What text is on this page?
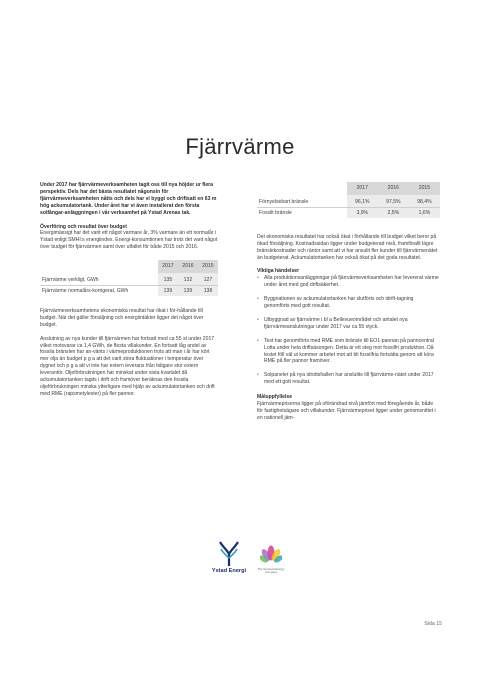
Fjärrvärme

Under 2017 har fjärrvärmeverksamheten tagit oss till nya höjder ur flera perspektiv. Dels har det bästa resultatet någonsin för fjärrvärmeverksamheten nåtts och dels har vi byggt och driftsatt en 63 m hög ackumulatortank. Under året har vi även installerat den första solfångar-anläggningen i vår verksamhet på Ystad Arenas tak.

Överföring och resultat över budget

Energimässigt har det varit ett något varmare år, 3% varmare än ett normalår i Ystad enligt SMHI:s energiindex. Energi-konsumtionen har trots det varit något över budget för fjärrvärmen samt över utfallet för både 2015 och 2016.

	2017	2016	2015

Fjärrvärme verkligt, GWh	135	132	127
Fjärrvärme normalårs-korrigerat, GWh	139	139	138

Fjärrvärmeverksamhetens ekonomiska resultat har ökat i för-hållande till budget. När det gäller försäljning och energiintäkter ligger det något över budget.

Anslutning av nya kunder till fjärrvärmen har fortsatt med ca 55 st under 2017 vilket motsvarar ca 1,4 GWh, de flesta villakunder. En fortsatt låg andel av fossila bränslen har an-vänts i värmeproduktionen trots att man i år har kört mer olja än budget p g a att det varit stora fluktuationer i temperatur över dygnet och p g a att vi inte har extern leverans från tidigare stor extern leverantör. Oljeförbrukningen har minskat under sista kvartalet då ackumulatortanken tagits i drift och framöver beräknas den fossila oljeförbrukningen minska ytterligare med hjälp av ackumulatortanken och drift med RME (rapsmetylester) på fler pannor.

	2017	2016	2015

Förnyelsebart bränsle	96,1%	97,5%	98,4%
Fossilt bränsle	3,9%	2,5%	1,6%

Det ekonomiska resultatet har också ökat i förhållande till budget vilket beror på ökad försäljning. Kostnadssidan ligger under budgeterad nivå, framförallt lägre bränslekostnader och räntor samt att vi har ansulit fler kunder till fjärrvärmenätet än budgeterat. Ackumulatortanken har också ökat på det goda resultatet.

Viktiga händelser

• Alla produktionsanläggningar på fjärrvärmeverksamheten har levererat värme under året med god driftsäkerhet.
• Byggnationen av ackumulatortanken har slutförts och idrift-tagning genomförts med gott resultat.
• Utbyggnad av fjärrvärme i bl a Bellevueområdet och antalet nya fjärrvärmeanslutningar under 2017 var ca 55 styck.
• Test har genomförts med RME som bränsle till EO1-pannan på panncentral Lotta under hela driftsäsongen. Detta är ett steg mot fossilfri produktion. Då testet föll väl ut kommer arbetet mot att bli fossilfria fortsätta genom att köra RME på fler pannor framöver.
• Solpaneler på nya idrottshallen har anslutits till fjärrvärme-nätet under 2017 med ett gott resultat.

Måluppfyllelse

Fjärrvärmepriserna ligger på oförändrad nivå jämfört med föregående år, både för fastighetsägare och villakunder. Fjärrvärmepriset ligger under genomsnittet i en nationell jäm-

Ystad Energi	The Greenest Energy Company
Sida 15
